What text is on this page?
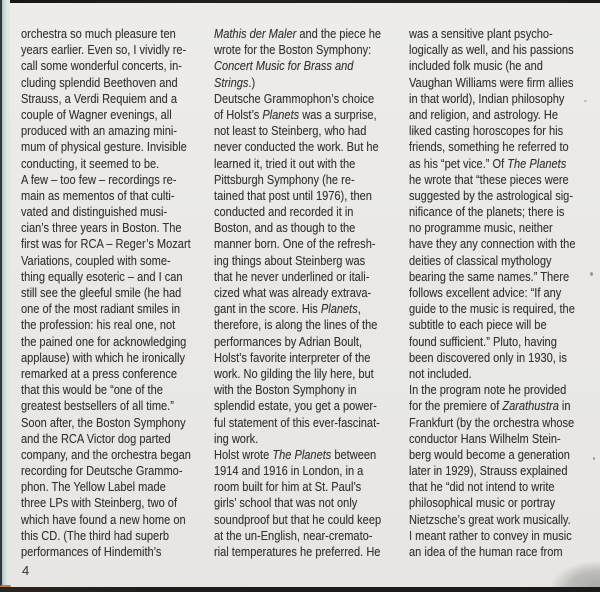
orchestra so much pleasure ten
years earlier. Even so, I vividly re-
call some wonderful concerts, in-
cluding splendid Beethoven and
Strauss, a Verdi Requiem and a
couple of Wagner evenings, all
produced with an amazing mini-
mum of physical gesture. Invisible
conducting, it seemed to be.
A few – too few – recordings re-
main as mementos of that culti-
vated and distinguished musi-
cian’s three years in Boston. The
first was for RCA – Reger’s Mozart
Variations, coupled with some-
thing equally esoteric – and I can
still see the gleeful smile (he had
one of the most radiant smiles in
the profession: his real one, not
the pained one for acknowledging
applause) with which he ironically
remarked at a press conference
that this would be “one of the
greatest bestsellers of all time.”
Soon after, the Boston Symphony
and the RCA Victor dog parted
company, and the orchestra began
recording for Deutsche Grammo-
phon. The Yellow Label made
three LPs with Steinberg, two of
which have found a new home on
this CD. (The third had superb
performances of Hindemith’s
Mathis der Maler and the piece he
wrote for the Boston Symphony:
Concert Music for Brass and
Strings.)
Deutsche Grammophon’s choice
of Holst’s Planets was a surprise,
not least to Steinberg, who had
never conducted the work. But he
learned it, tried it out with the
Pittsburgh Symphony (he re-
tained that post until 1976), then
conducted and recorded it in
Boston, and as though to the
manner born. One of the refresh-
ing things about Steinberg was
that he never underlined or itali-
cized what was already extrava-
gant in the score. His Planets,
therefore, is along the lines of the
performances by Adrian Boult,
Holst’s favorite interpreter of the
work. No gilding the lily here, but
with the Boston Symphony in
splendid estate, you get a power-
ful statement of this ever-fascinat-
ing work.
Holst wrote The Planets between
1914 and 1916 in London, in a
room built for him at St. Paul’s
girls’ school that was not only
soundproof but that he could keep
at the un-English, near-cremato-
rial temperatures he preferred. He
was a sensitive plant psycho-
logically as well, and his passions
included folk music (he and
Vaughan Williams were firm allies
in that world), Indian philosophy
and religion, and astrology. He
liked casting horoscopes for his
friends, something he referred to
as his “pet vice.” Of The Planets
he wrote that “these pieces were
suggested by the astrological sig-
nificance of the planets; there is
no programme music, neither
have they any connection with the
deities of classical mythology
bearing the same names.” There
follows excellent advice: “If any
guide to the music is required, the
subtitle to each piece will be
found sufficient.” Pluto, having
been discovered only in 1930, is
not included.
In the program note he provided
for the premiere of Zarathustra in
Frankfurt (by the orchestra whose
conductor Hans Wilhelm Stein-
berg would become a generation
later in 1929), Strauss explained
that he “did not intend to write
philosophical music or portray
Nietzsche’s great work musically.
I meant rather to convey in music
an idea of the human race from
4
